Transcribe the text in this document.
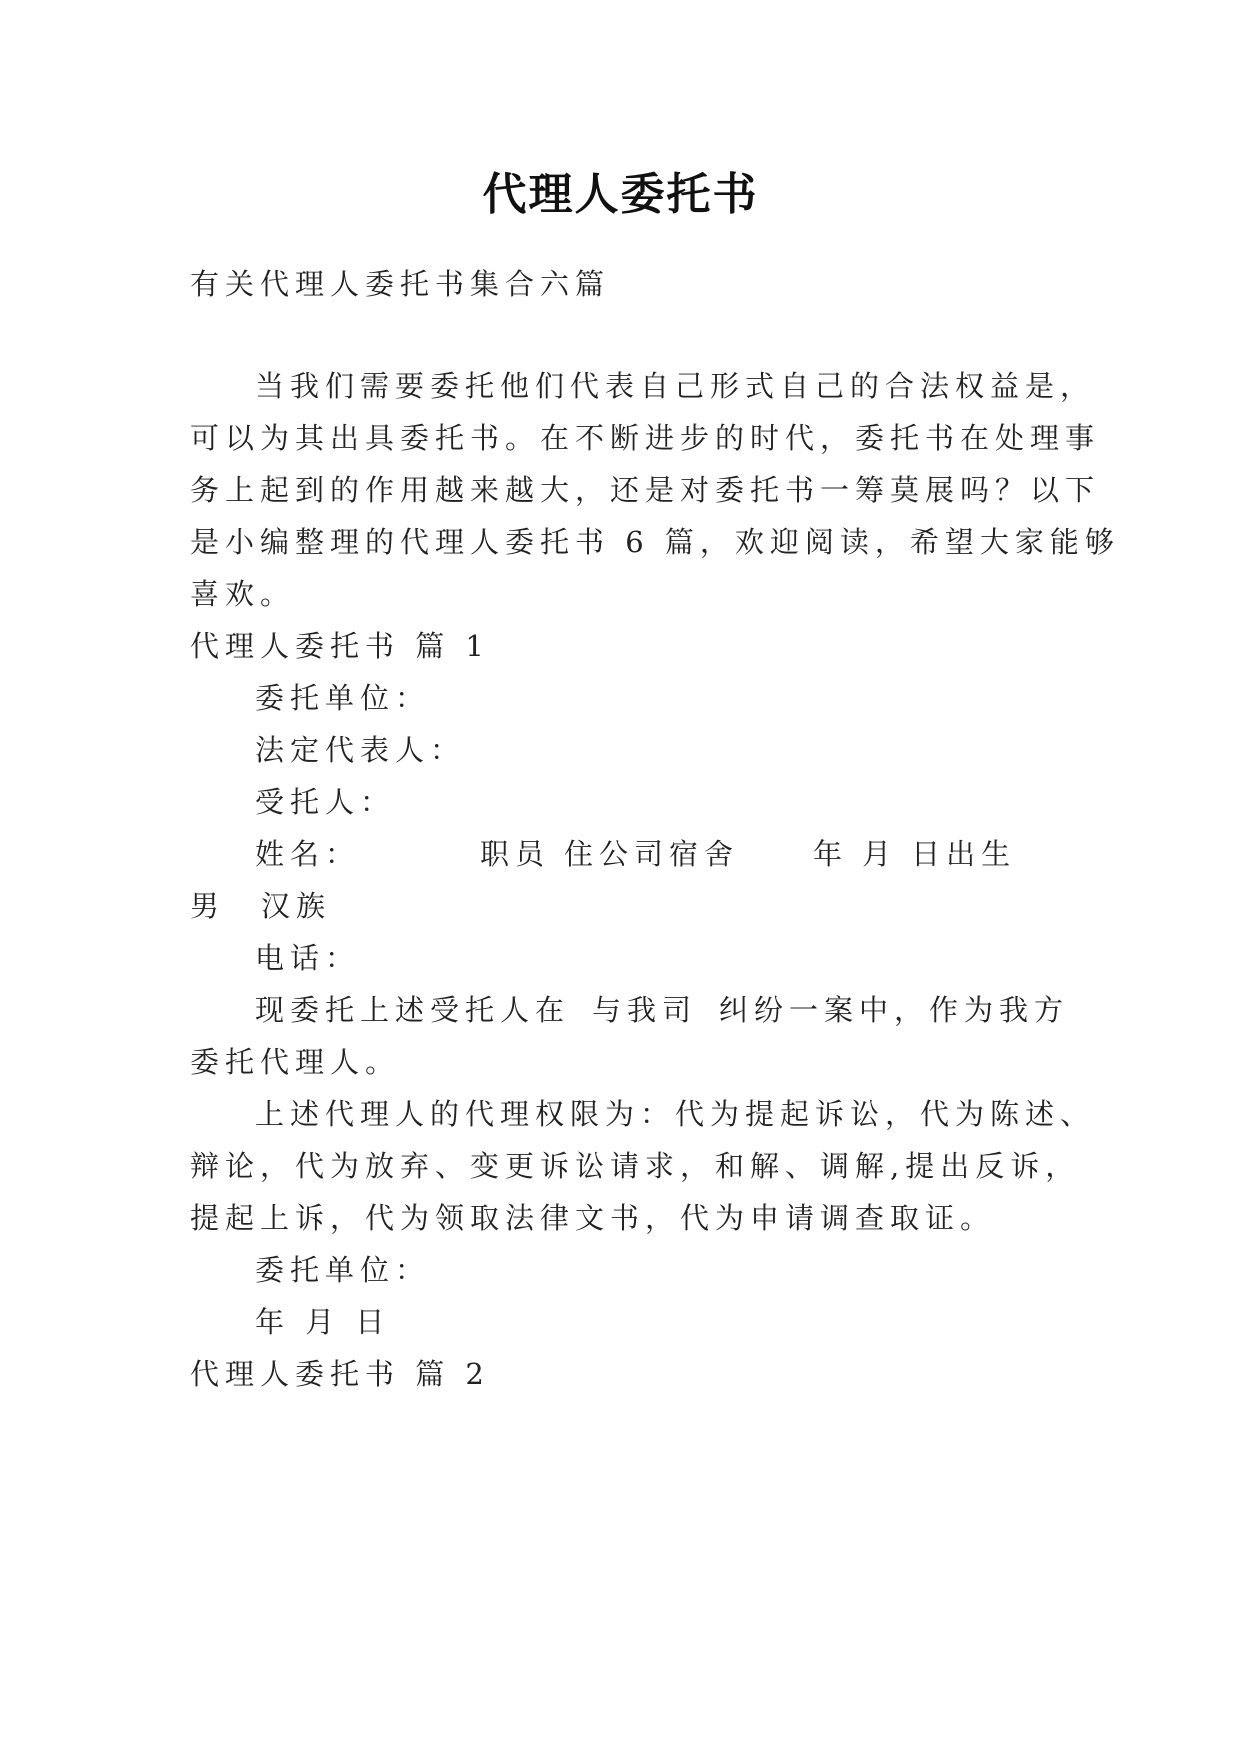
代理人委托书
有关代理人委托书集合六篇
当我们需要委托他们代表自己形式自己的合法权益是，
可以为其出具委托书。在不断进步的时代，委托书在处理事
务上起到的作用越来越大，还是对委托书一筹莫展吗？以下
是小编整理的代理人委托书 6 篇，欢迎阅读，希望大家能够
喜欢。
代理人委托书 篇 1
委托单位：
法定代表人：
受托人：
姓名：	职员 住公司宿舍	年 月 日出生
男 汉族
电话：
现委托上述受托人在 与我司 纠纷一案中，作为我方
委托代理人。
上述代理人的代理权限为：代为提起诉讼，代为陈述、
辩论，代为放弃、变更诉讼请求，和解、调解,提出反诉，
提起上诉，代为领取法律文书，代为申请调查取证。
委托单位：
年 月 日
代理人委托书 篇 2
